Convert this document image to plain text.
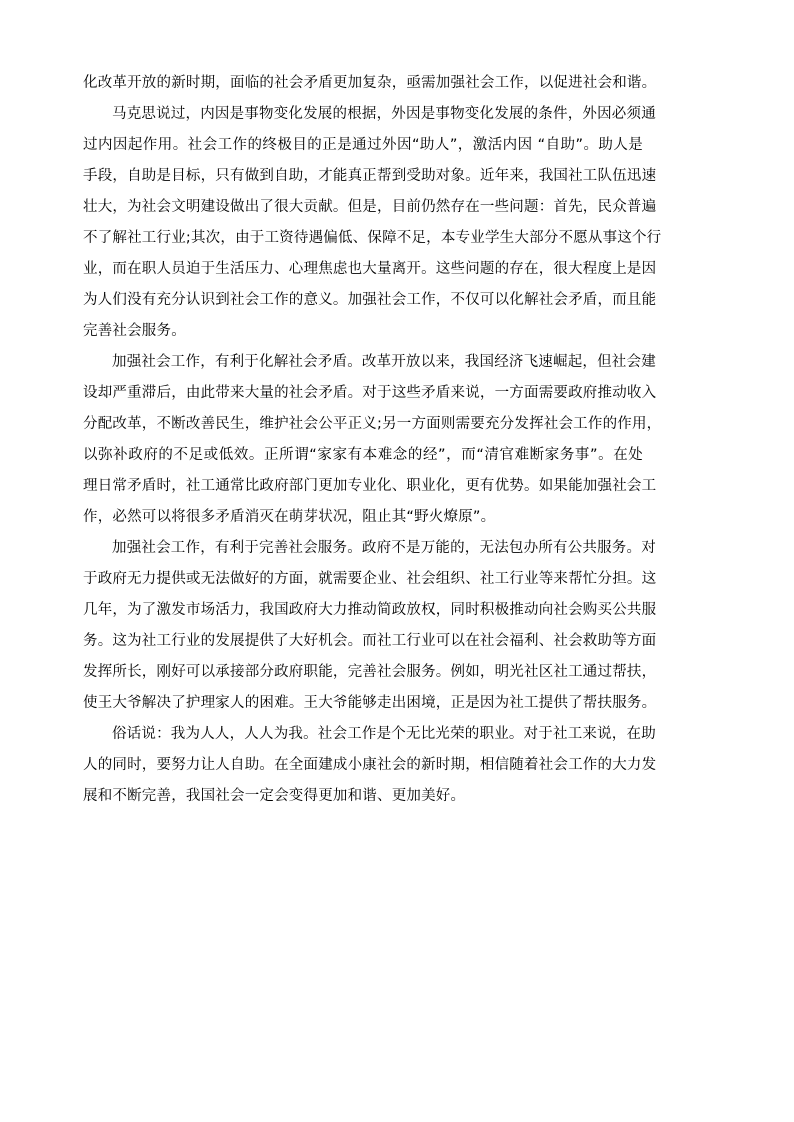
化改革开放的新时期，面临的社会矛盾更加复杂，亟需加强社会工作，以促进社会和谐。
马克思说过，内因是事物变化发展的根据，外因是事物变化发展的条件，外因必须通
过内因起作用。社会工作的终极目的正是通过外因“助人”，激活内因 “自助”。助人是
手段，自助是目标，只有做到自助，才能真正帮到受助对象。近年来，我国社工队伍迅速
壮大，为社会文明建设做出了很大贡献。但是，目前仍然存在一些问题：首先，民众普遍
不了解社工行业;其次，由于工资待遇偏低、保障不足，本专业学生大部分不愿从事这个行
业，而在职人员迫于生活压力、心理焦虑也大量离开。这些问题的存在，很大程度上是因
为人们没有充分认识到社会工作的意义。加强社会工作，不仅可以化解社会矛盾，而且能
完善社会服务。
加强社会工作，有利于化解社会矛盾。改革开放以来，我国经济飞速崛起，但社会建
设却严重滞后，由此带来大量的社会矛盾。对于这些矛盾来说，一方面需要政府推动收入
分配改革，不断改善民生，维护社会公平正义;另一方面则需要充分发挥社会工作的作用，
以弥补政府的不足或低效。正所谓“家家有本难念的经”，而“清官难断家务事”。在处
理日常矛盾时，社工通常比政府部门更加专业化、职业化，更有优势。如果能加强社会工
作，必然可以将很多矛盾消灭在萌芽状况，阻止其“野火燎原”。
加强社会工作，有利于完善社会服务。政府不是万能的，无法包办所有公共服务。对
于政府无力提供或无法做好的方面，就需要企业、社会组织、社工行业等来帮忙分担。这
几年，为了激发市场活力，我国政府大力推动简政放权，同时积极推动向社会购买公共服
务。这为社工行业的发展提供了大好机会。而社工行业可以在社会福利、社会救助等方面
发挥所长，刚好可以承接部分政府职能，完善社会服务。例如，明光社区社工通过帮扶，
使王大爷解决了护理家人的困难。王大爷能够走出困境，正是因为社工提供了帮扶服务。
俗话说：我为人人，人人为我。社会工作是个无比光荣的职业。对于社工来说，在助
人的同时，要努力让人自助。在全面建成小康社会的新时期，相信随着社会工作的大力发
展和不断完善，我国社会一定会变得更加和谐、更加美好。
